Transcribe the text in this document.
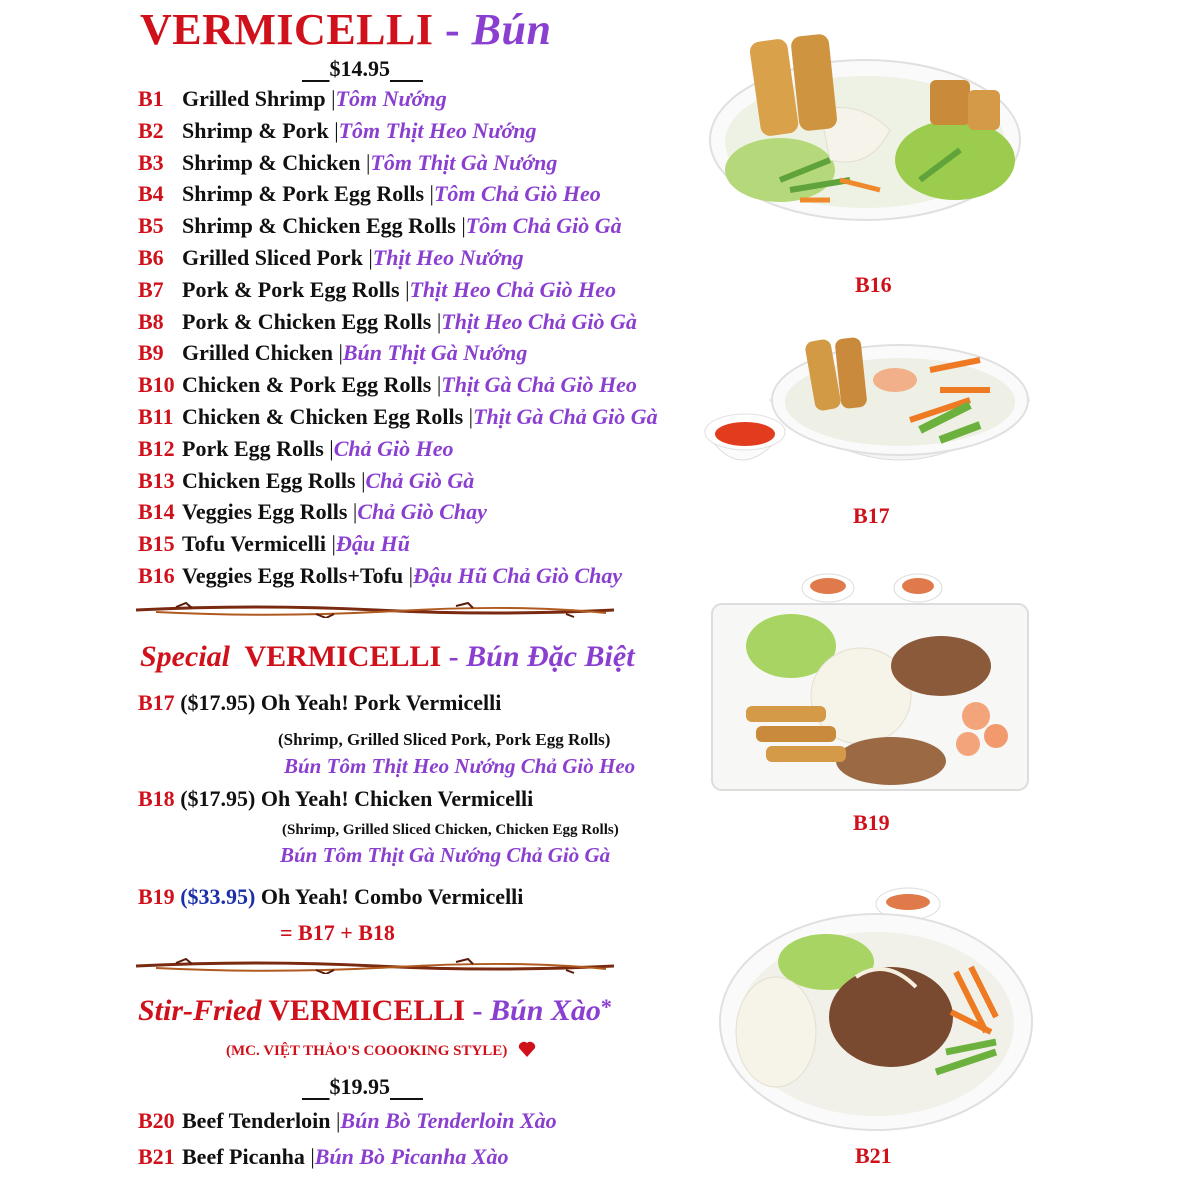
VERMICELLI - Bún
$14.95
B1 Grilled Shrimp |Tôm Nướng
B2 Shrimp & Pork |Tôm Thịt Heo Nướng
B3 Shrimp & Chicken |Tôm Thịt Gà Nướng
B4 Shrimp & Pork Egg Rolls |Tôm Chả Giò Heo
B5 Shrimp & Chicken Egg Rolls |Tôm Chả Giò Gà
B6 Grilled Sliced Pork |Thịt Heo Nướng
B7 Pork & Pork Egg Rolls |Thịt Heo Chả Giò Heo
B8 Pork & Chicken Egg Rolls |Thịt Heo Chả Giò Gà
B9 Grilled Chicken |Bún Thịt Gà Nướng
B10 Chicken & Pork Egg Rolls |Thịt Gà Chả Giò Heo
B11 Chicken & Chicken Egg Rolls |Thịt Gà Chả Giò Gà
B12 Pork Egg Rolls |Chả Giò Heo
B13 Chicken Egg Rolls |Chả Giò Gà
B14 Veggies Egg Rolls |Chả Giò Chay
B15 Tofu Vermicelli |Đậu Hũ
B16 Veggies Egg Rolls+Tofu |Đậu Hũ Chả Giò Chay
Special VERMICELLI - Bún Đặc Biệt
B17 ($17.95) Oh Yeah! Pork Vermicelli
(Shrimp, Grilled Sliced Pork, Pork Egg Rolls)
Bún Tôm Thịt Heo Nướng Chả Giò Heo
B18 ($17.95) Oh Yeah! Chicken Vermicelli
(Shrimp, Grilled Sliced Chicken, Chicken Egg Rolls)
Bún Tôm Thịt Gà Nướng Chả Giò Gà
B19 ($33.95) Oh Yeah! Combo Vermicelli
= B17 + B18
Stir-Fried VERMICELLI - Bún Xào*
(MC. VIỆT THẢO'S COOOKING STYLE)
$19.95
B20 Beef Tenderloin |Bún Bò Tenderloin Xào
B21 Beef Picanha |Bún Bò Picanha Xào
B16
B17
B19
B21
